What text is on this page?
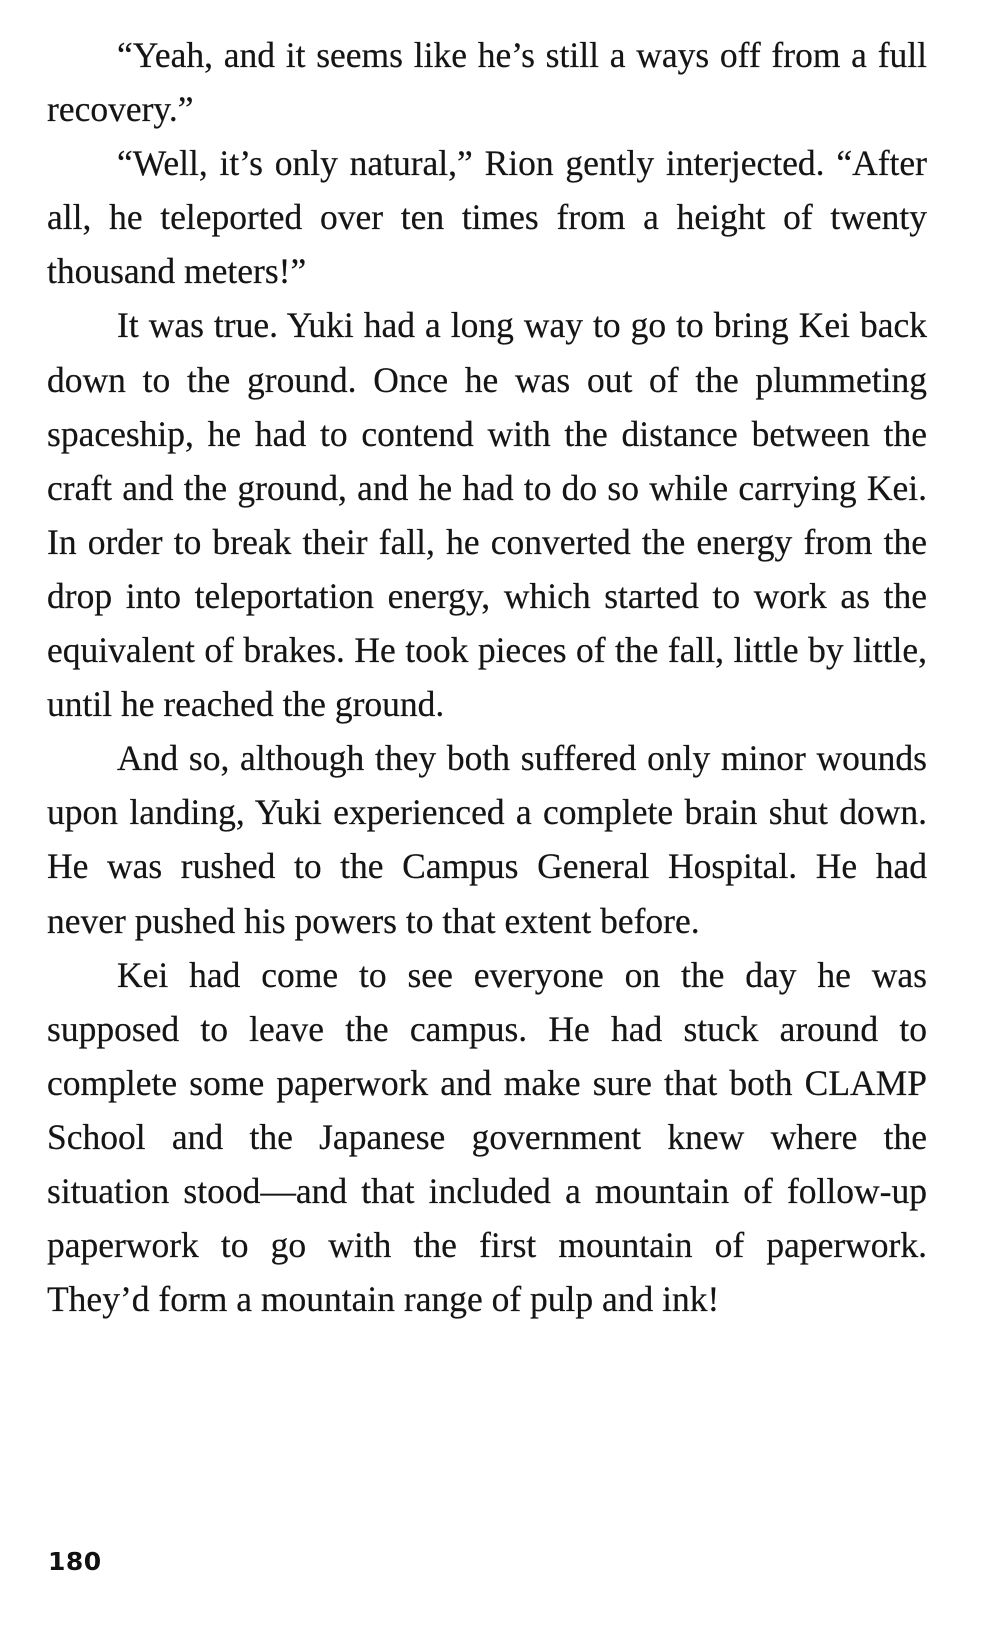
“Yeah, and it seems like he’s still a ways off from a full recovery.”

“Well, it’s only natural,” Rion gently interjected. “After all, he teleported over ten times from a height of twenty thousand meters!”

It was true. Yuki had a long way to go to bring Kei back down to the ground. Once he was out of the plummeting spaceship, he had to contend with the distance between the craft and the ground, and he had to do so while carrying Kei. In order to break their fall, he converted the energy from the drop into teleportation energy, which started to work as the equivalent of brakes. He took pieces of the fall, little by little, until he reached the ground.

And so, although they both suffered only minor wounds upon landing, Yuki experienced a complete brain shut down. He was rushed to the Campus General Hospital. He had never pushed his powers to that extent before.

Kei had come to see everyone on the day he was supposed to leave the campus. He had stuck around to complete some paperwork and make sure that both CLAMP School and the Japanese government knew where the situation stood—and that included a mountain of follow-up paperwork to go with the first mountain of paperwork. They’d form a mountain range of pulp and ink!

180
